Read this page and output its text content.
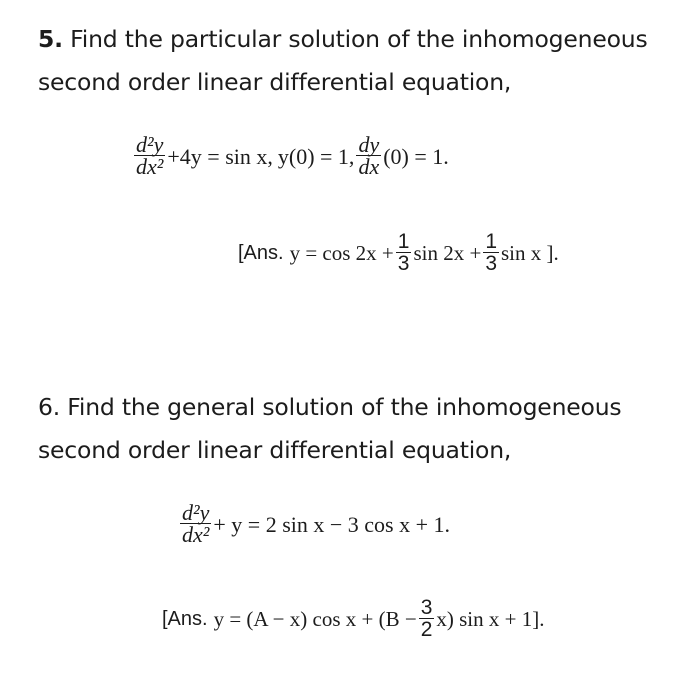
5. Find the particular solution of the inhomogeneous
second order linear differential equation,
$\frac{\text{d²y}}{\text{dx²}} +4y = \sin x$, y(0) = 1, $\frac{dy}{dx} (0) = 1$.
[Ans. $y = \cos 2x + \frac{1}{3}$ $\sin 2x + \frac{1}{3}$ sin x ].
6. Find the general solution of the inhomogeneous
second order linear differential equation,
$\frac{\text{d²y}}{\text{dx²}} + y = 2$ sin x − 3 cos x + 1.
[Ans. y = (A − x) $\cos x + (B - \frac{3}{2} x)$ sin x + 1].
